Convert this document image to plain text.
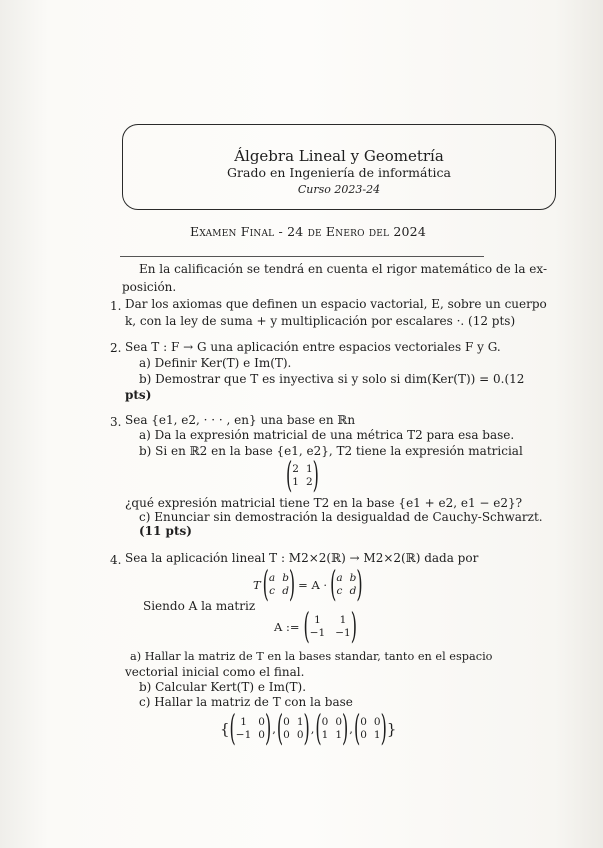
Álgebra Lineal y Geometría
Grado en Ingeniería de informática
Curso 2023-24
Examen Final - 24 de Enero del 2024
En la calificación se tendrá en cuenta el rigor matemático de la ex-
posición.
1. Dar los axiomas que definen un espacio vactorial, E, sobre un cuerpo
k, con la ley de suma + y multiplicación por escalares ·. (12 pts)
2. Sea T : F → G una aplicación entre espacios vectoriales F y G.
a) Definir Ker(T) e Im(T).
b) Demostrar que T es inyectiva si y solo si dim(Ker(T)) = 0.(12
pts)
3. Sea {e1, e2, · · · , en} una base en ℝn
a) Da la expresión matricial de una métrica T2 para esa base.
b) Si en ℝ2 en la base {e1, e2}, T2 tiene la expresión matricial
( 2 1
1 2 )
¿qué expresión matricial tiene T2 en la base {e1 + e2, e1 − e2}?
c) Enunciar sin demostración la desigualdad de Cauchy-Schwarzt.
(11 pts)
4. Sea la aplicación lineal T : M2×2(ℝ) → M2×2(ℝ) dada por
T ( a b
c d ) = A · ( a b
c d )
Siendo A la matriz
A := ( 1	1
−1 −1 )
a) Hallar la matriz de T en la bases standar, tanto en el espacio
vectorial inicial como el final.
b) Calcular Kert(T) e Im(T).
c) Hallar la matriz de T con la base
{ ( 1	0
−1 0 ) , ( 0 1
0 0 ) , ( 0 0
1 1 ) , ( 0 0
0 1 ) }
